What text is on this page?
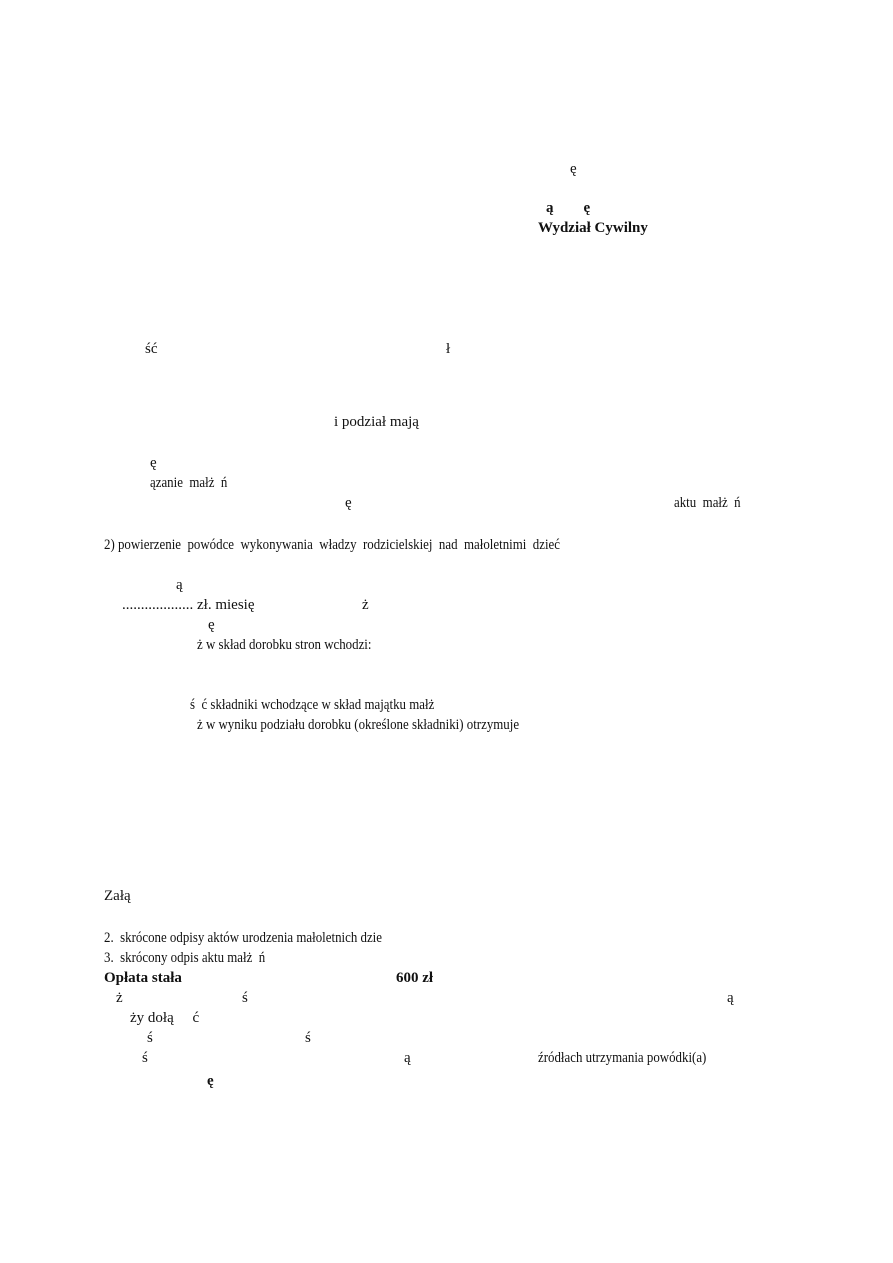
ę
ą        ę
Wydział Cywilny
ść	ł
i podział mają
ę
ązanie  małż  ń
ę	aktu  małż  ń
2) powierzenie  powódce  wykonywania  władzy  rodzicielskiej  nad  małoletnimi  dzieć
ą
................... zł. miesię	ż
ę
ż w skład dorobku stron wchodzi:
ś  ć składniki wchodzące w skład majątku małż
ż w wyniku podziału dorobku (określone składniki) otrzymuje
Załą
2.  skrócone odpisy aktów urodzenia małoletnich dzie
3.  skrócony odpis aktu małż  ń
Opłata stała	600 zł
ż	ś	ą
ży dołą     ć
ś	ś
ś	ą	źródłach utrzymania powódki(a)
ę
